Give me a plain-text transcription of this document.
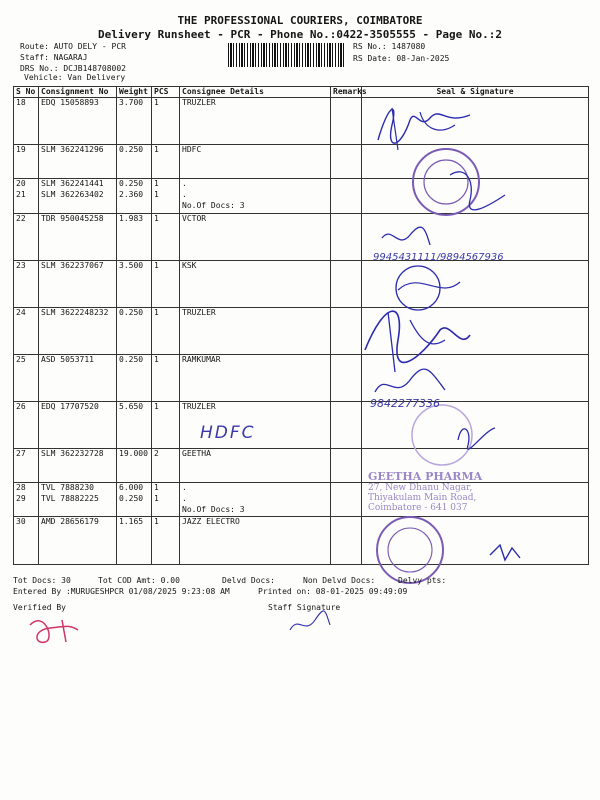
THE PROFESSIONAL COURIERS, COIMBATORE
Delivery Runsheet - PCR - Phone No.:0422-3505555 - Page No.:2
Route: AUTO DELY - PCR
Staff: NAGARAJ
DRS No.: DCJB148708002
Vehicle: Van Delivery
RS No.: 1487080
RS Date: 08-Jan-2025
S No	Consignment No	Weight	PCS	Consignee Details	Remarks	Seal & Signature
18	EDQ 15058893	3.700	1	TRUZLER		

19	SLM 362241296	0.250	1	HDFC		

20	SLM 362241441	0.250	1	.		
21	SLM 362263402	2.360	1	.		
				No.Of Docs: 3		

22	TDR 950045258	1.983	1	VCTOR		

23	SLM 362237067	3.500	1	KSK		

24	SLM 3622248232	0.250	1	TRUZLER		

25	ASD 5053711	0.250	1	RAMKUMAR		

26	EDQ 17707520	5.650	1	TRUZLER		

27	SLM 362232728	19.000	2	GEETHA		

28	TVL 7888230	6.000	1	.		
29	TVL 78882225	0.250	1	.		
				No.Of Docs: 3		

30	AMD 28656179	1.165	1	JAZZ ELECTRO		

HDFC
9945431111/9894567936
9842277336
GEETHA PHARMA
27, New Dhanu Nagar,
Thiyakulam Main Road,
Coimbatore - 641 037
Tot Docs: 30	Tot COD Amt: 0.00	Delvd Docs:	Non Delvd Docs:	Delvy pts:
Entered By :MURUGESHPCR 01/08/2025 9:23:08 AM	Printed on: 08-01-2025 09:49:09
Verified By	Staff Signature
